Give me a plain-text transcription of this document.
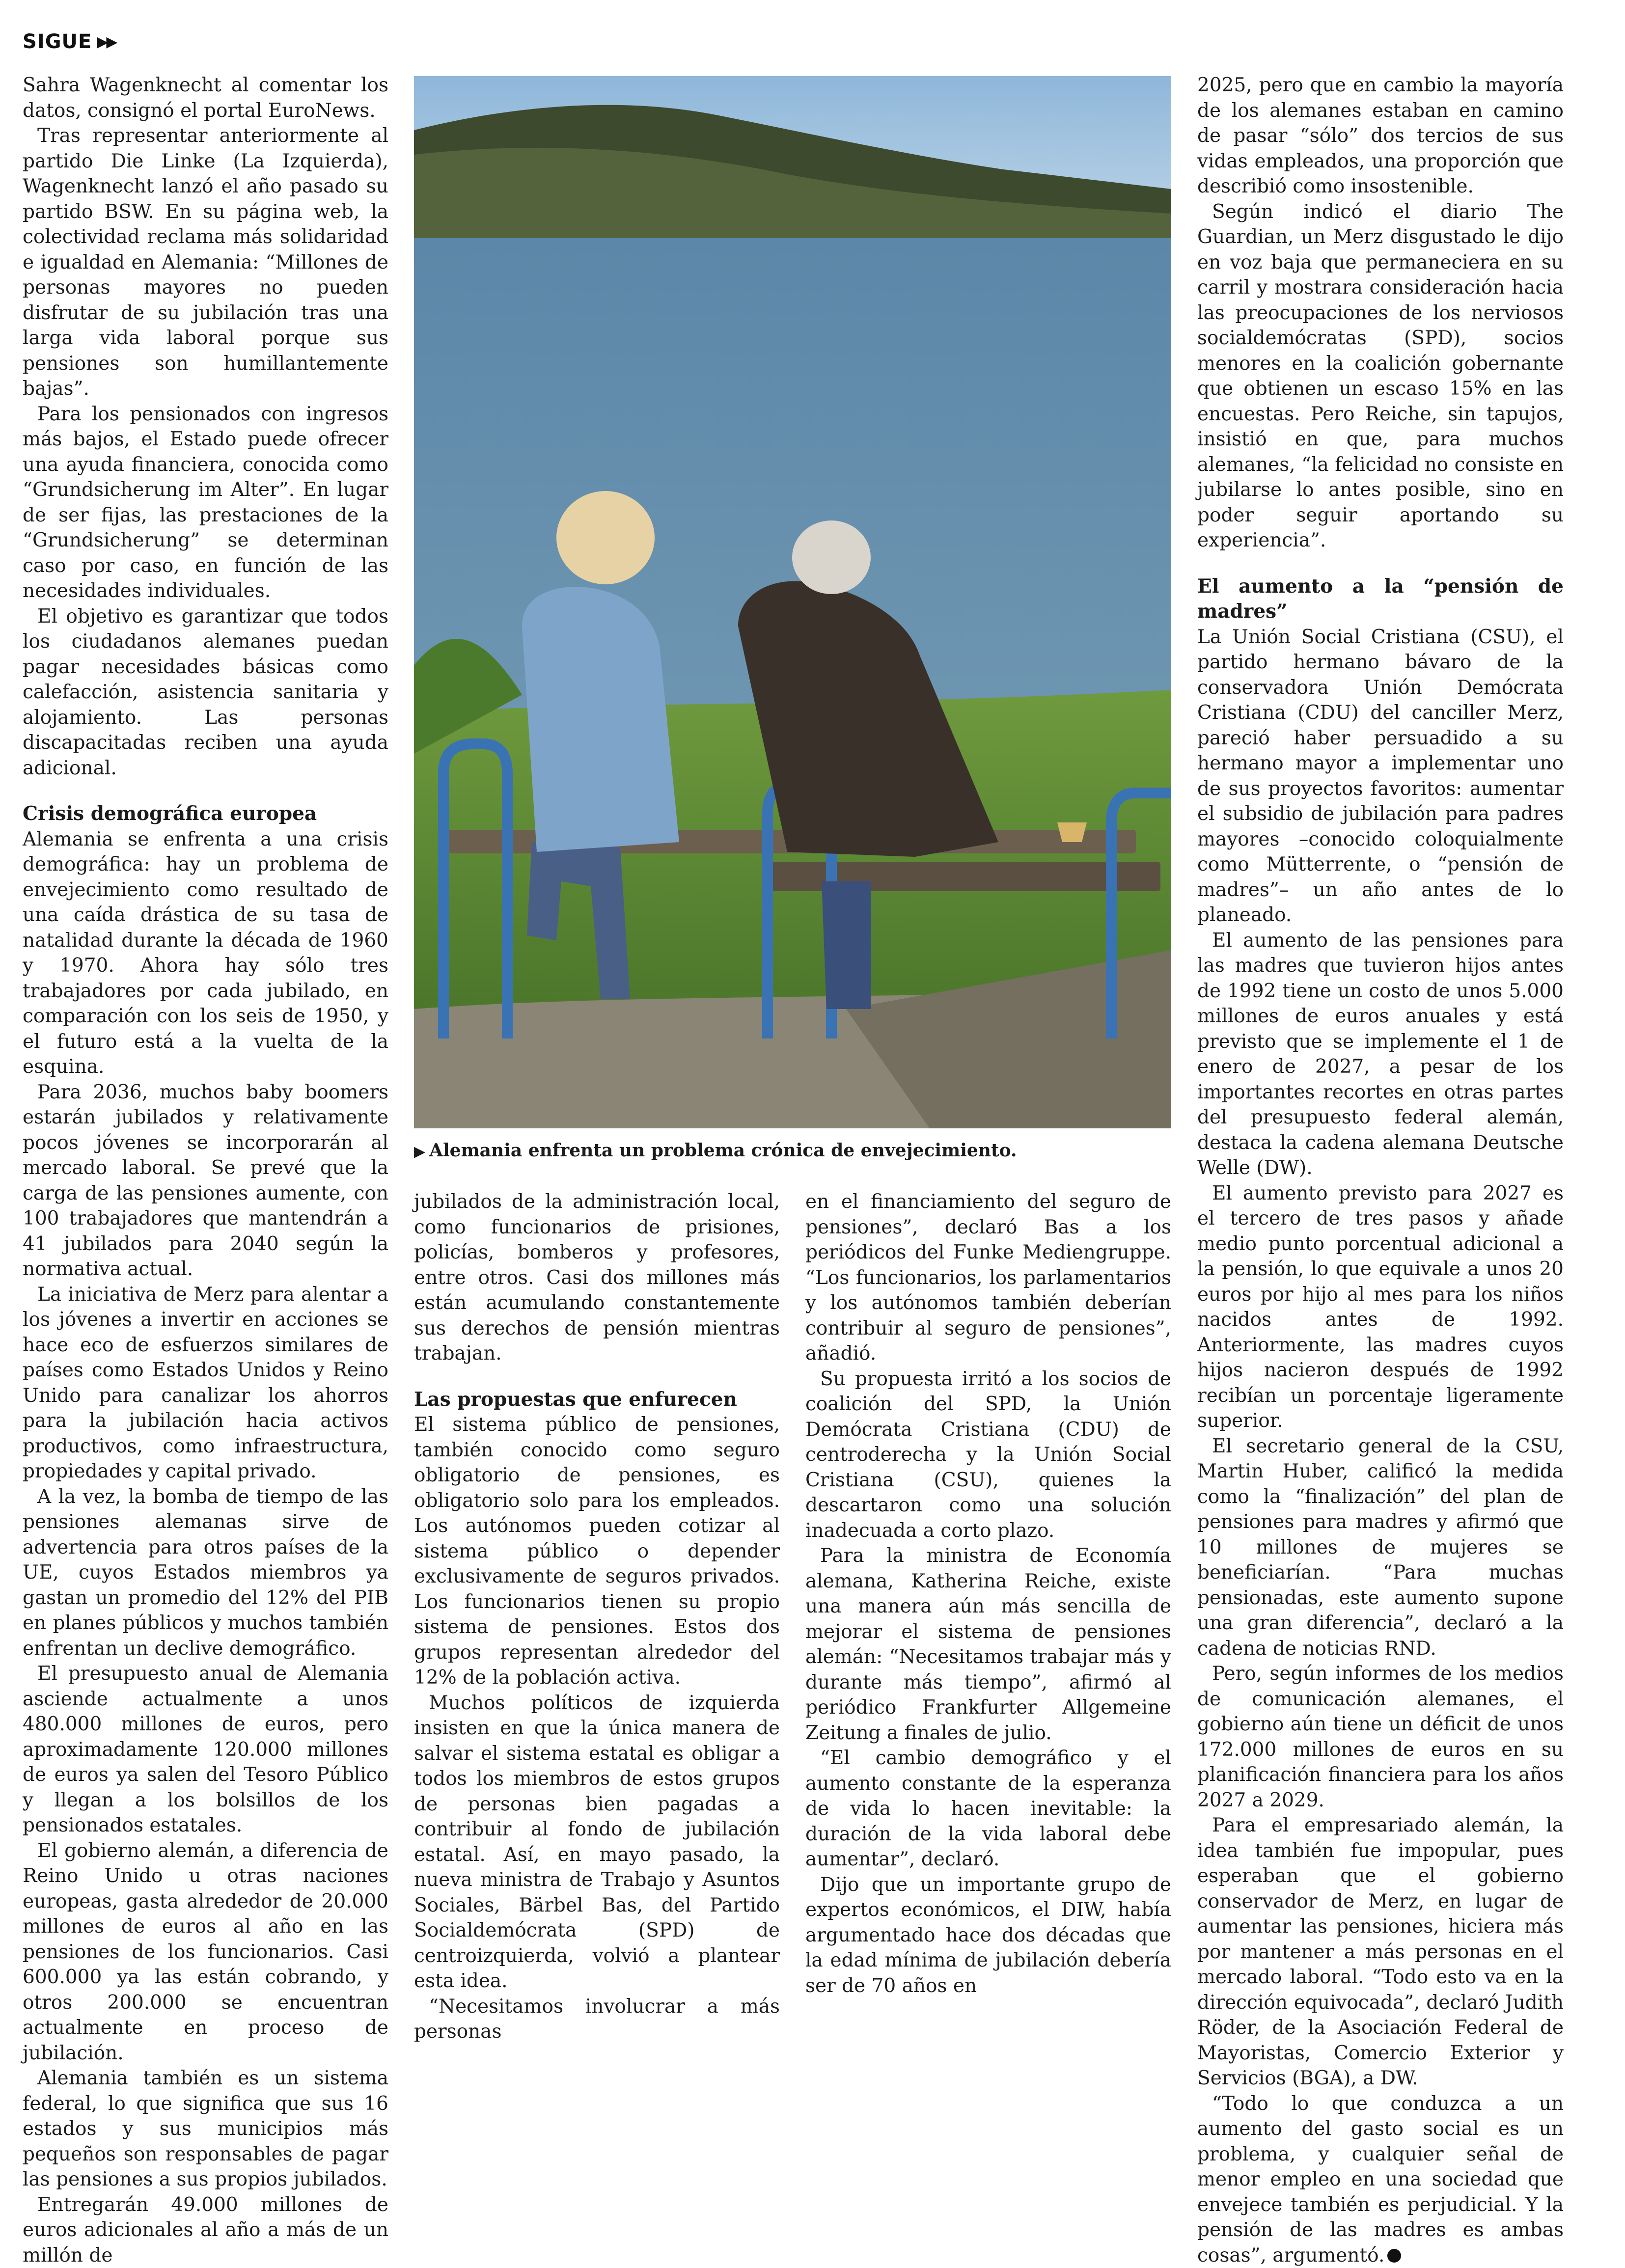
SIGUE ▶▶

Sahra Wagenknecht al comentar los datos, consignó el portal EuroNews.

Tras representar anteriormente al partido Die Linke (La Izquierda), Wagenknecht lanzó el año pasado su partido BSW. En su página web, la colectividad reclama más solidaridad e igualdad en Alemania: “Millones de personas mayores no pueden disfrutar de su jubilación tras una larga vida laboral porque sus pensiones son humillantemente bajas”.

Para los pensionados con ingresos más bajos, el Estado puede ofrecer una ayuda financiera, conocida como “Grundsicherung im Alter”. En lugar de ser fijas, las prestaciones de la “Grundsicherung” se determinan caso por caso, en función de las necesidades individuales.

El objetivo es garantizar que todos los ciudadanos alemanes puedan pagar necesidades básicas como calefacción, asistencia sanitaria y alojamiento. Las personas discapacitadas reciben una ayuda adicional.

Crisis demográfica europea

Alemania se enfrenta a una crisis demográfica: hay un problema de envejecimiento como resultado de una caída drástica de su tasa de natalidad durante la década de 1960 y 1970. Ahora hay sólo tres trabajadores por cada jubilado, en comparación con los seis de 1950, y el futuro está a la vuelta de la esquina.

Para 2036, muchos baby boomers estarán jubilados y relativamente pocos jóvenes se incorporarán al mercado laboral. Se prevé que la carga de las pensiones aumente, con 100 trabajadores que mantendrán a 41 jubilados para 2040 según la normativa actual.

La iniciativa de Merz para alentar a los jóvenes a invertir en acciones se hace eco de esfuerzos similares de países como Estados Unidos y Reino Unido para canalizar los ahorros para la jubilación hacia activos productivos, como infraestructura, propiedades y capital privado.

A la vez, la bomba de tiempo de las pensiones alemanas sirve de advertencia para otros países de la UE, cuyos Estados miembros ya gastan un promedio del 12% del PIB en planes públicos y muchos también enfrentan un declive demográfico.

El presupuesto anual de Alemania asciende actualmente a unos 480.000 millones de euros, pero aproximadamente 120.000 millones de euros ya salen del Tesoro Público y llegan a los bolsillos de los pensionados estatales.

El gobierno alemán, a diferencia de Reino Unido u otras naciones europeas, gasta alrededor de 20.000 millones de euros al año en las pensiones de los funcionarios. Casi 600.000 ya las están cobrando, y otros 200.000 se encuentran actualmente en proceso de jubilación.

Alemania también es un sistema federal, lo que significa que sus 16 estados y sus municipios más pequeños son responsables de pagar las pensiones a sus propios jubilados.

Entregarán 49.000 millones de euros adicionales al año a más de un millón de

▶ Alemania enfrenta un problema crónica de envejecimiento.

jubilados de la administración local, como funcionarios de prisiones, policías, bomberos y profesores, entre otros. Casi dos millones más están acumulando constantemente sus derechos de pensión mientras trabajan.

Las propuestas que enfurecen

El sistema público de pensiones, también conocido como seguro obligatorio de pensiones, es obligatorio solo para los empleados. Los autónomos pueden cotizar al sistema público o depender exclusivamente de seguros privados. Los funcionarios tienen su propio sistema de pensiones. Estos dos grupos representan alrededor del 12% de la población activa.

Muchos políticos de izquierda insisten en que la única manera de salvar el sistema estatal es obligar a todos los miembros de estos grupos de personas bien pagadas a contribuir al fondo de jubilación estatal. Así, en mayo pasado, la nueva ministra de Trabajo y Asuntos Sociales, Bärbel Bas, del Partido Socialdemócrata (SPD) de centroizquierda, volvió a plantear esta idea.

“Necesitamos involucrar a más personas

en el financiamiento del seguro de pensiones”, declaró Bas a los periódicos del Funke Mediengruppe. “Los funcionarios, los parlamentarios y los autónomos también deberían contribuir al seguro de pensiones”, añadió.

Su propuesta irritó a los socios de coalición del SPD, la Unión Demócrata Cristiana (CDU) de centroderecha y la Unión Social Cristiana (CSU), quienes la descartaron como una solución inadecuada a corto plazo.

Para la ministra de Economía alemana, Katherina Reiche, existe una manera aún más sencilla de mejorar el sistema de pensiones alemán: “Necesitamos trabajar más y durante más tiempo”, afirmó al periódico Frankfurter Allgemeine Zeitung a finales de julio.

“El cambio demográfico y el aumento constante de la esperanza de vida lo hacen inevitable: la duración de la vida laboral debe aumentar”, declaró.

Dijo que un importante grupo de expertos económicos, el DIW, había argumentado hace dos décadas que la edad mínima de jubilación debería ser de 70 años en

2025, pero que en cambio la mayoría de los alemanes estaban en camino de pasar “sólo” dos tercios de sus vidas empleados, una proporción que describió como insostenible.

Según indicó el diario The Guardian, un Merz disgustado le dijo en voz baja que permaneciera en su carril y mostrara consideración hacia las preocupaciones de los nerviosos socialdemócratas (SPD), socios menores en la coalición gobernante que obtienen un escaso 15% en las encuestas. Pero Reiche, sin tapujos, insistió en que, para muchos alemanes, “la felicidad no consiste en jubilarse lo antes posible, sino en poder seguir aportando su experiencia”.

El aumento a la “pensión de madres”

La Unión Social Cristiana (CSU), el partido hermano bávaro de la conservadora Unión Demócrata Cristiana (CDU) del canciller Merz, pareció haber persuadido a su hermano mayor a implementar uno de sus proyectos favoritos: aumentar el subsidio de jubilación para padres mayores –conocido coloquialmente como Mütterrente, o “pensión de madres”– un año antes de lo planeado.

El aumento de las pensiones para las madres que tuvieron hijos antes de 1992 tiene un costo de unos 5.000 millones de euros anuales y está previsto que se implemente el 1 de enero de 2027, a pesar de los importantes recortes en otras partes del presupuesto federal alemán, destaca la cadena alemana Deutsche Welle (DW).

El aumento previsto para 2027 es el tercero de tres pasos y añade medio punto porcentual adicional a la pensión, lo que equivale a unos 20 euros por hijo al mes para los niños nacidos antes de 1992. Anteriormente, las madres cuyos hijos nacieron después de 1992 recibían un porcentaje ligeramente superior.

El secretario general de la CSU, Martin Huber, calificó la medida como la “finalización” del plan de pensiones para madres y afirmó que 10 millones de mujeres se beneficiarían. “Para muchas pensionadas, este aumento supone una gran diferencia”, declaró a la cadena de noticias RND.

Pero, según informes de los medios de comunicación alemanes, el gobierno aún tiene un déficit de unos 172.000 millones de euros en su planificación financiera para los años 2027 a 2029.

Para el empresariado alemán, la idea también fue impopular, pues esperaban que el gobierno conservador de Merz, en lugar de aumentar las pensiones, hiciera más por mantener a más personas en el mercado laboral. “Todo esto va en la dirección equivocada”, declaró Judith Röder, de la Asociación Federal de Mayoristas, Comercio Exterior y Servicios (BGA), a DW.

“Todo lo que conduzca a un aumento del gasto social es un problema, y cualquier señal de menor empleo en una sociedad que envejece también es perjudicial. Y la pensión de las madres es ambas cosas”, argumentó.
